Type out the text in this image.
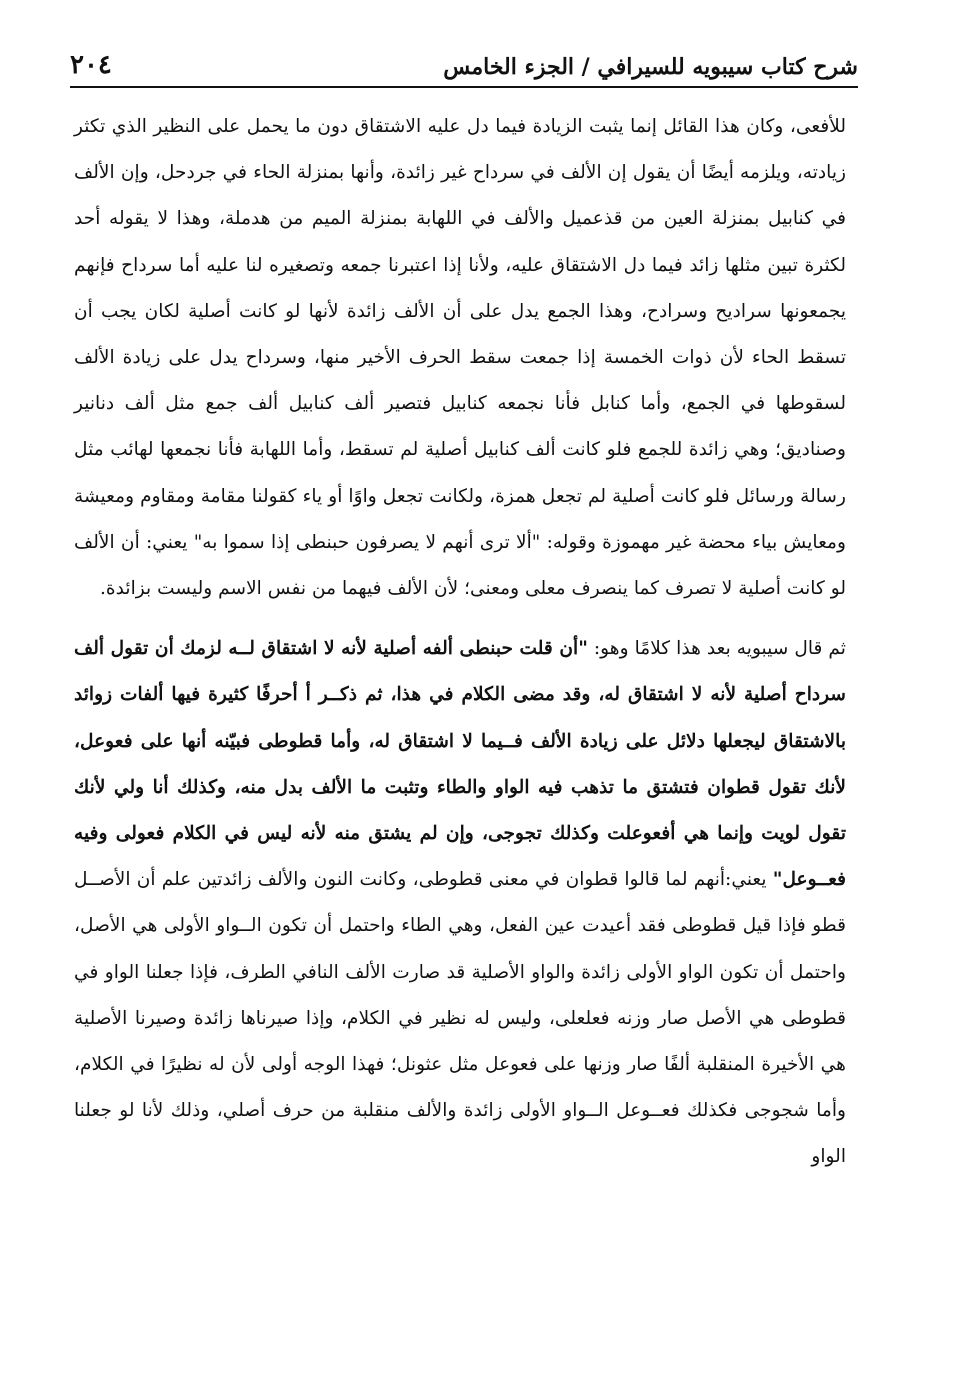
شرح كتاب سيبويه للسيرافي / الجزء الخامس
٢٠٤

للأفعى، وكان هذا القائل إنما يثبت الزيادة فيما دل عليه الاشتقاق دون ما يحمل على النظير الذي تكثر زيادته، ويلزمه أيضًا أن يقول إن الألف في سرداح غير زائدة، وأنها بمنزلة الحاء في جردحل، وإن الألف في كنابيل بمنزلة العين من قذعميل والألف في اللهابة بمنزلة الميم من هدملة، وهذا لا يقوله أحد لكثرة تبين مثلها زائد فيما دل الاشتقاق عليه، ولأنا إذا اعتبرنا جمعه وتصغيره لنا عليه أما سرداح فإنهم يجمعونها سراديح وسرادح، وهذا الجمع يدل على أن الألف زائدة لأنها لو كانت أصلية لكان يجب أن تسقط الحاء لأن ذوات الخمسة إذا جمعت سقط الحرف الأخير منها، وسرداح يدل على زيادة الألف لسقوطها في الجمع، وأما كنابل فأنا نجمعه كنابيل فتصير ألف كنابيل ألف جمع مثل ألف دنانير وصناديق؛ وهي زائدة للجمع فلو كانت ألف كنابيل أصلية لم تسقط، وأما اللهابة فأنا نجمعها لهائب مثل رسالة ورسائل فلو كانت أصلية لم تجعل همزة، ولكانت تجعل واوًا أو ياء كقولنا مقامة ومقاوم ومعيشة ومعايش بياء محضة غير مهموزة وقوله: "ألا ترى أنهم لا يصرفون حبنطى إذا سموا به" يعني: أن الألف لو كانت أصلية لا تصرف كما ينصرف معلى ومعنى؛ لأن الألف فيهما من نفس الاسم وليست بزائدة.

ثم قال سيبويه بعد هذا كلامًا وهو: "أن قلت حبنطى ألفه أصلية لأنه لا اشتقاق لــه لزمك أن تقول ألف سرداح أصلية لأنه لا اشتقاق له، وقد مضى الكلام في هذا، ثم ذكــر أ أحرفًا كثيرة فيها ألفات زوائد بالاشتقاق ليجعلها دلائل على زيادة الألف فــيما لا اشتقاق له، وأما قطوطى فبيّنه أنها على فعوعل، لأنك تقول قطوان فتشتق ما تذهب فيه الواو والطاء وتثبت ما الألف بدل منه، وكذلك أنا ولي لأنك تقول لويت وإنما هي أفعوعلت وكذلك تجوجى، وإن لم يشتق منه لأنه ليس في الكلام فعولى وفيه فعــوعل" يعني:أنهم لما قالوا قطوان في معنى قطوطى، وكانت النون والألف زائدتين علم أن الأصــل قطو فإذا قيل قطوطى فقد أعيدت عين الفعل، وهي الطاء واحتمل أن تكون الــواو الأولى هي الأصل، واحتمل أن تكون الواو الأولى زائدة والواو الأصلية قد صارت الألف النافي الطرف، فإذا جعلنا الواو في قطوطى هي الأصل صار وزنه فعلعلى، وليس له نظير في الكلام، وإذا صيرناها زائدة وصيرنا الأصلية هي الأخيرة المنقلبة ألفًا صار وزنها على فعوعل مثل عثونل؛ فهذا الوجه أولى لأن له نظيرًا في الكلام، وأما شجوجى فكذلك فعــوعل الــواو الأولى زائدة والألف منقلبة من حرف أصلي، وذلك لأنا لو جعلنا الواو
